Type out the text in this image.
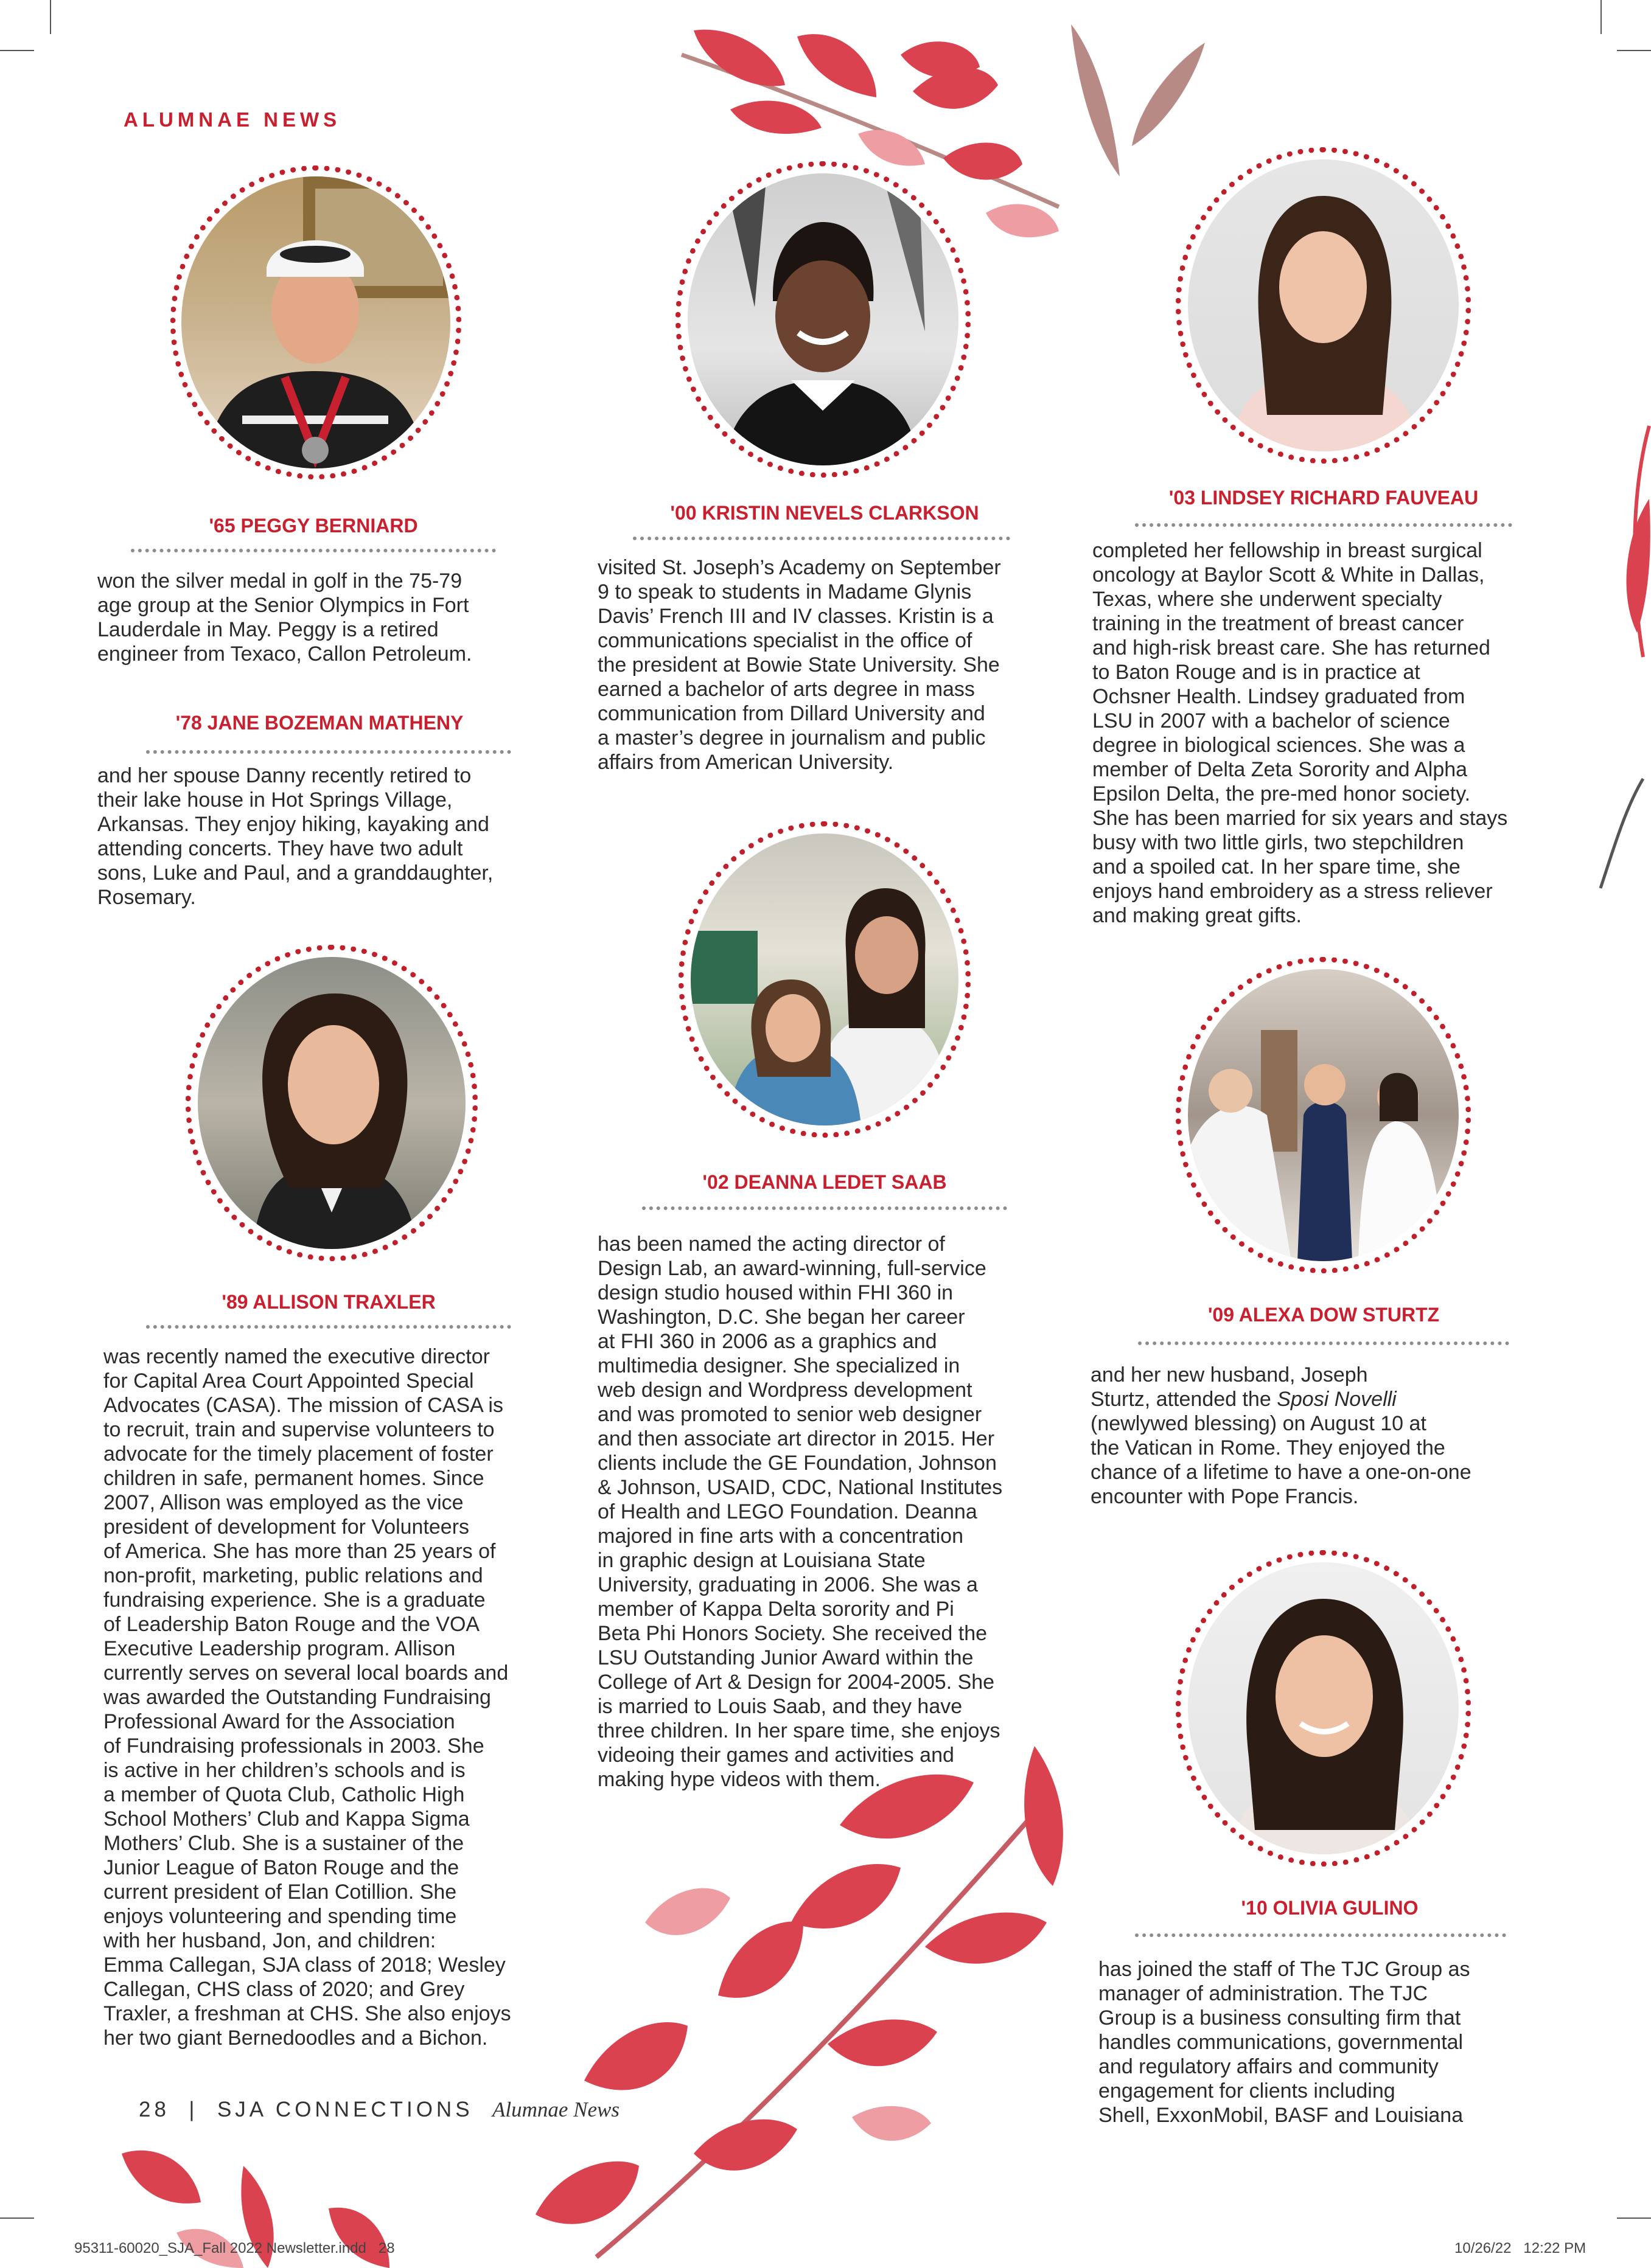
ALUMNAE NEWS
'65 PEGGY BERNIARD
won the silver medal in golf in the 75-79
age group at the Senior Olympics in Fort
Lauderdale in May. Peggy is a retired
engineer from Texaco, Callon Petroleum.
'78 JANE BOZEMAN MATHENY
and her spouse Danny recently retired to
their lake house in Hot Springs Village,
Arkansas. They enjoy hiking, kayaking and
attending concerts. They have two adult
sons, Luke and Paul, and a granddaughter,
Rosemary.
'89 ALLISON TRAXLER
was recently named the executive director
for Capital Area Court Appointed Special
Advocates (CASA). The mission of CASA is
to recruit, train and supervise volunteers to
advocate for the timely placement of foster
children in safe, permanent homes. Since
2007, Allison was employed as the vice
president of development for Volunteers
of America. She has more than 25 years of
non-profit, marketing, public relations and
fundraising experience. She is a graduate
of Leadership Baton Rouge and the VOA
Executive Leadership program. Allison
currently serves on several local boards and
was awarded the Outstanding Fundraising
Professional Award for the Association
of Fundraising professionals in 2003. She
is active in her children’s schools and is
a member of Quota Club, Catholic High
School Mothers’ Club and Kappa Sigma
Mothers’ Club. She is a sustainer of the
Junior League of Baton Rouge and the
current president of Elan Cotillion. She
enjoys volunteering and spending time
with her husband, Jon, and children:
Emma Callegan, SJA class of 2018; Wesley
Callegan, CHS class of 2020; and Grey
Traxler, a freshman at CHS. She also enjoys
her two giant Bernedoodles and a Bichon.
'00 KRISTIN NEVELS CLARKSON
visited St. Joseph’s Academy on September
9 to speak to students in Madame Glynis
Davis’ French III and IV classes. Kristin is a
communications specialist in the office of
the president at Bowie State University. She
earned a bachelor of arts degree in mass
communication from Dillard University and
a master’s degree in journalism and public
affairs from American University.
'02 DEANNA LEDET SAAB
has been named the acting director of
Design Lab, an award-winning, full-service
design studio housed within FHI 360 in
Washington, D.C. She began her career
at FHI 360 in 2006 as a graphics and
multimedia designer. She specialized in
web design and Wordpress development
and was promoted to senior web designer
and then associate art director in 2015. Her
clients include the GE Foundation, Johnson
& Johnson, USAID, CDC, National Institutes
of Health and LEGO Foundation. Deanna
majored in fine arts with a concentration
in graphic design at Louisiana State
University, graduating in 2006. She was a
member of Kappa Delta sorority and Pi
Beta Phi Honors Society. She received the
LSU Outstanding Junior Award within the
College of Art & Design for 2004-2005. She
is married to Louis Saab, and they have
three children. In her spare time, she enjoys
videoing their games and activities and
making hype videos with them.
'03 LINDSEY RICHARD FAUVEAU
completed her fellowship in breast surgical
oncology at Baylor Scott & White in Dallas,
Texas, where she underwent specialty
training in the treatment of breast cancer
and high-risk breast care. She has returned
to Baton Rouge and is in practice at
Ochsner Health. Lindsey graduated from
LSU in 2007 with a bachelor of science
degree in biological sciences. She was a
member of Delta Zeta Sorority and Alpha
Epsilon Delta, the pre-med honor society.
She has been married for six years and stays
busy with two little girls, two stepchildren
and a spoiled cat. In her spare time, she
enjoys hand embroidery as a stress reliever
and making great gifts.
'09 ALEXA DOW STURTZ
and her new husband, Joseph
Sturtz, attended the Sposi Novelli
(newlywed blessing) on August 10 at
the Vatican in Rome. They enjoyed the
chance of a lifetime to have a one-on-one
encounter with Pope Francis.
'10 OLIVIA GULINO
has joined the staff of The TJC Group as
manager of administration. The TJC
Group is a business consulting firm that
handles communications, governmental
and regulatory affairs and community
engagement for clients including
Shell, ExxonMobil, BASF and Louisiana
28 | SJA CONNECTIONS Alumnae News
95311-60020_SJA_Fall 2022 Newsletter.indd   28	10/26/22   12:22 PM
